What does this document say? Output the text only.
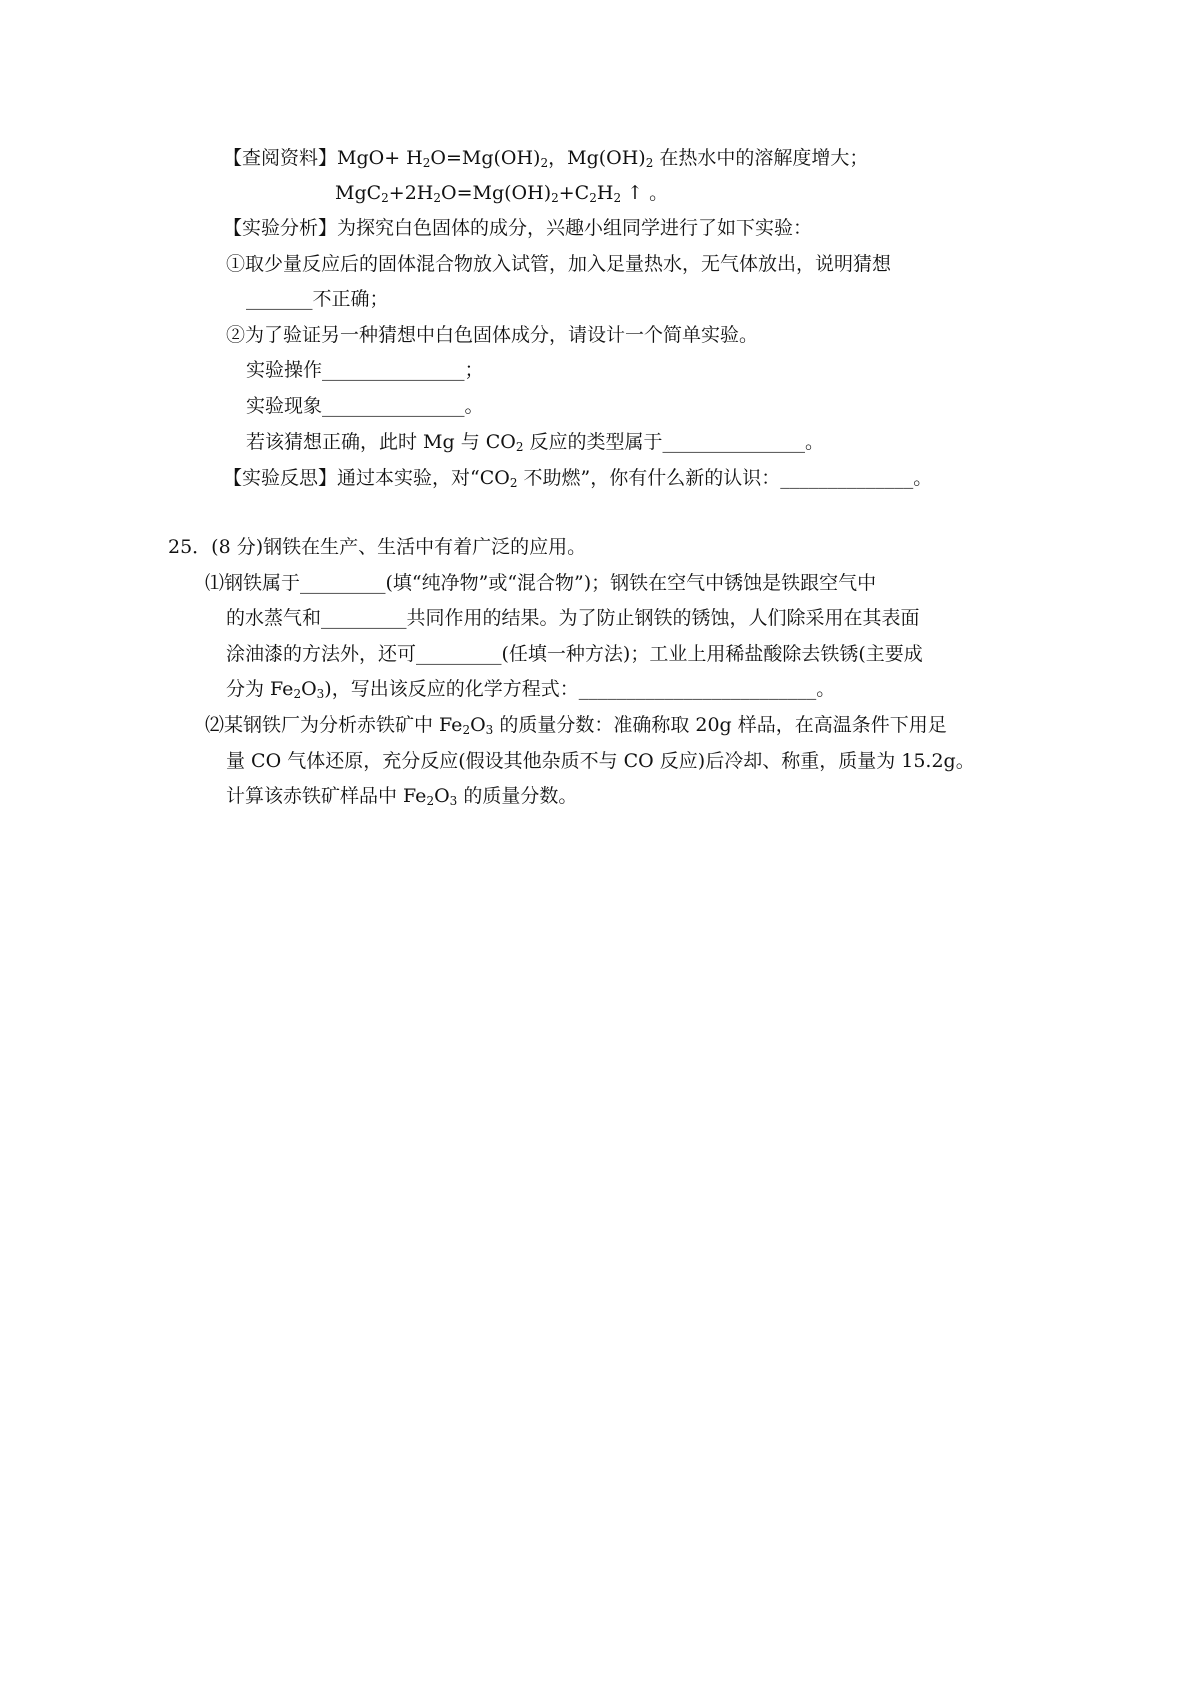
【查阅资料】$MgO+ H_2O=Mg(OH)_2$，$Mg(OH)_2$ 在热水中的溶解度增大；
$MgC_2+2H_2O=Mg(OH)_2+C_2H_2$ ↑ 。
【实验分析】为探究白色固体的成分，兴趣小组同学进行了如下实验：
①取少量反应后的固体混合物放入试管，加入足量热水，无气体放出，说明猜想
_______不正确；
②为了验证另一种猜想中白色固体成分，请设计一个简单实验。
实验操作_______________；
实验现象_______________。
若该猜想正确，此时 Mg 与 $CO_2$ 反应的类型属于_______________。
【实验反思】通过本实验，对“$CO_2$ 不助燃”，你有什么新的认识：______________。
25．(8 分)钢铁在生产、生活中有着广泛的应用。
⑴钢铁属于_________(填“纯净物”或“混合物”)；钢铁在空气中锈蚀是铁跟空气中
的水蒸气和_________共同作用的结果。为了防止钢铁的锈蚀，人们除采用在其表面
涂油漆的方法外，还可_________(任填一种方法)；工业上用稀盐酸除去铁锈(主要成
分为 $Fe_2O_3$)，写出该反应的化学方程式：_________________________。
⑵某钢铁厂为分析赤铁矿中 $Fe_2O_3$ 的质量分数：准确称取 20g 样品，在高温条件下用足
量 CO 气体还原，充分反应(假设其他杂质不与 CO 反应)后冷却、称重，质量为 15.2g。
计算该赤铁矿样品中 $Fe_2O_3$ 的质量分数。
